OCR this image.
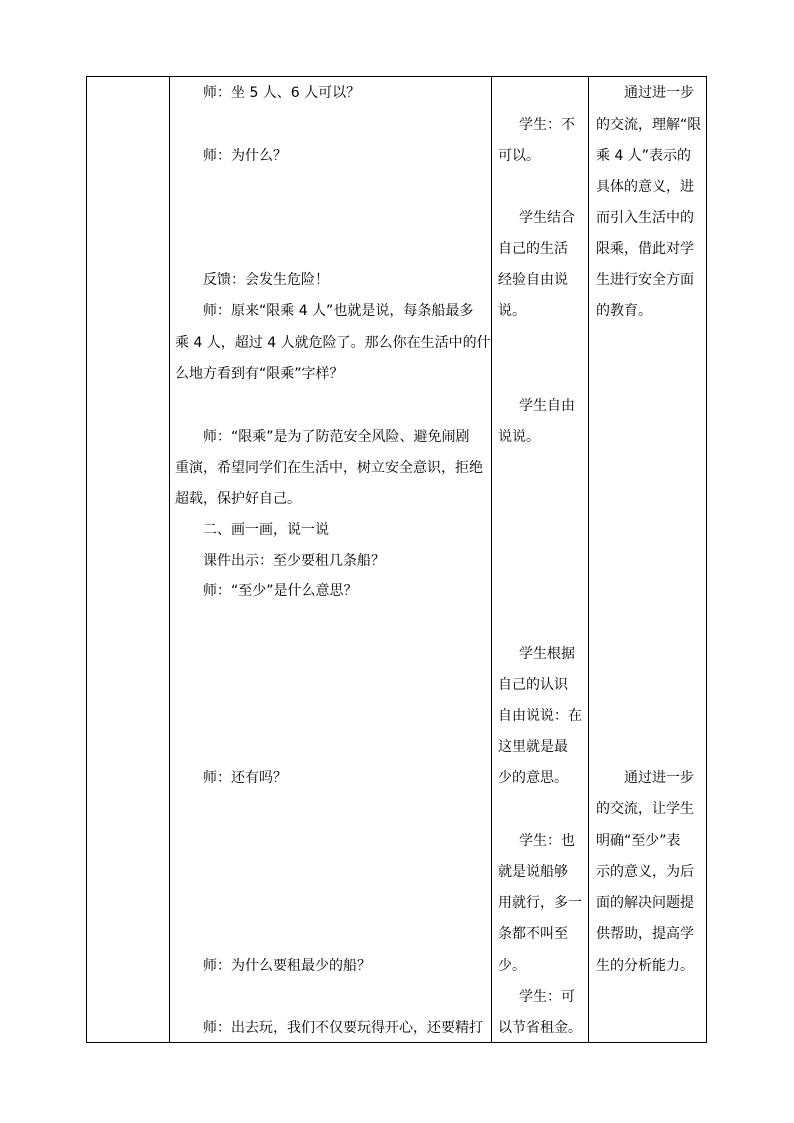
师：坐 5 人、6 人可以？
师：为什么？
反馈：会发生危险！
师：原来“限乘 4 人”也就是说，每条船最多
乘 4 人，超过 4 人就危险了。那么你在生活中的什
么地方看到有“限乘”字样？
师：“限乘”是为了防范安全风险、避免闹剧
重演，希望同学们在生活中，树立安全意识，拒绝
超载，保护好自己。
二、画一画，说一说
课件出示：至少要租几条船？
师：“至少”是什么意思？
师：还有吗？
师：为什么要租最少的船？
师：出去玩，我们不仅要玩得开心，还要精打
学生：不
可以。
学生结合
自己的生活
经验自由说
说。
学生自由
说说。
学生根据
自己的认识
自由说说：在
这里就是最
少的意思。
学生：也
就是说船够
用就行，多一
条都不叫至
少。
学生：可
以节省租金。
通过进一步
的交流，理解“限
乘 4 人”表示的
具体的意义，进
而引入生活中的
限乘，借此对学
生进行安全方面
的教育。
通过进一步
的交流，让学生
明确“至少”表
示的意义，为后
面的解决问题提
供帮助，提高学
生的分析能力。
